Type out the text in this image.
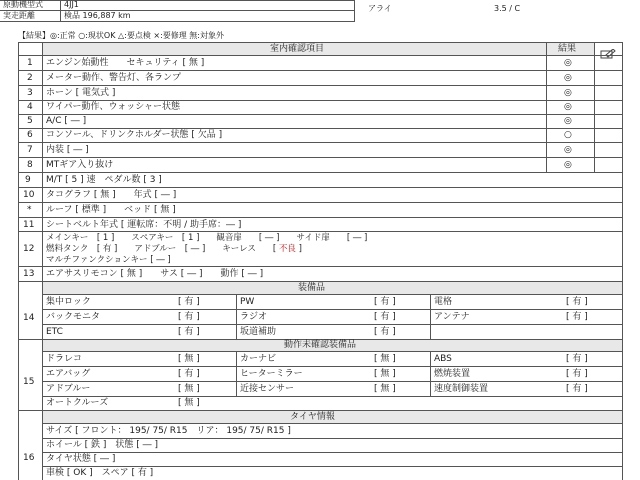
原動機型式	4JJ1
実走距離	検品 196,887 km
アライ	3.5 / C
【結果】◎:正常 ○:現状OK △:要点検 ×:要修理 無:対象外
室内確認項目	結果
1 エンジン始動性　　セキュリティ [ 無 ]	◎
2 メーター動作、警告灯、各ランプ	◎
3 ホーン [ 電気式 ]	◎
4 ワイパー動作、ウォッシャー状態	◎
5 A/C [ ― ]	◎
6 コンソール、ドリンクホルダー状態 [ 欠品 ]	○
7 内装 [ ― ]	◎
8 MTギア入り抜け	◎
9 M/T [ 5 ] 速　ペダル数 [ 3 ]
10 タコグラフ [ 無 ]　　年式 [ ― ]
* ルーフ [ 標準 ]　　ベッド [ 無 ]
11 シートベルト年式 [ 運転席：不明 / 助手席：― ]
12
メインキー　[ 1 ]　　スペアキー　[ 1 ]　　観音扉　　[ ― ]　　サイド扉　　[ ― ]
燃料タンク　[ 有 ]　　アドブルー　[ ― ]　　キーレス　　[ 不良 ]
マルチファンクションキー [ ― ]
13 エアサスリモコン [ 無 ]　　サス [ ― ]　　動作 [ ― ]
装備品
14
集中ロック	[ 有 ]	PW	[ 有 ]	電格	[ 有 ]
バックモニタ	[ 有 ]	ラジオ	[ 有 ]	アンテナ	[ 有 ]
ETC	[ 有 ]	坂道補助	[ 有 ]
動作未確認装備品
15
ドラレコ	[ 無 ]	カーナビ	[ 無 ]	ABS	[ 有 ]
エアバッグ	[ 有 ]	ヒーターミラー	[ 無 ]	燃焼装置	[ 有 ]
アドブルー	[ 無 ]	近接センサー	[ 無 ]	速度制御装置	[ 有 ]
オートクルーズ	[ 無 ]
タイヤ情報
16
サイズ [ フロント： 195/ 75/ R15　リア： 195/ 75/ R15 ]
ホイール [ 鉄 ]　状態 [ ― ]
タイヤ状態 [ ― ]
車検 [ OK ]　スペア [ 有 ]
